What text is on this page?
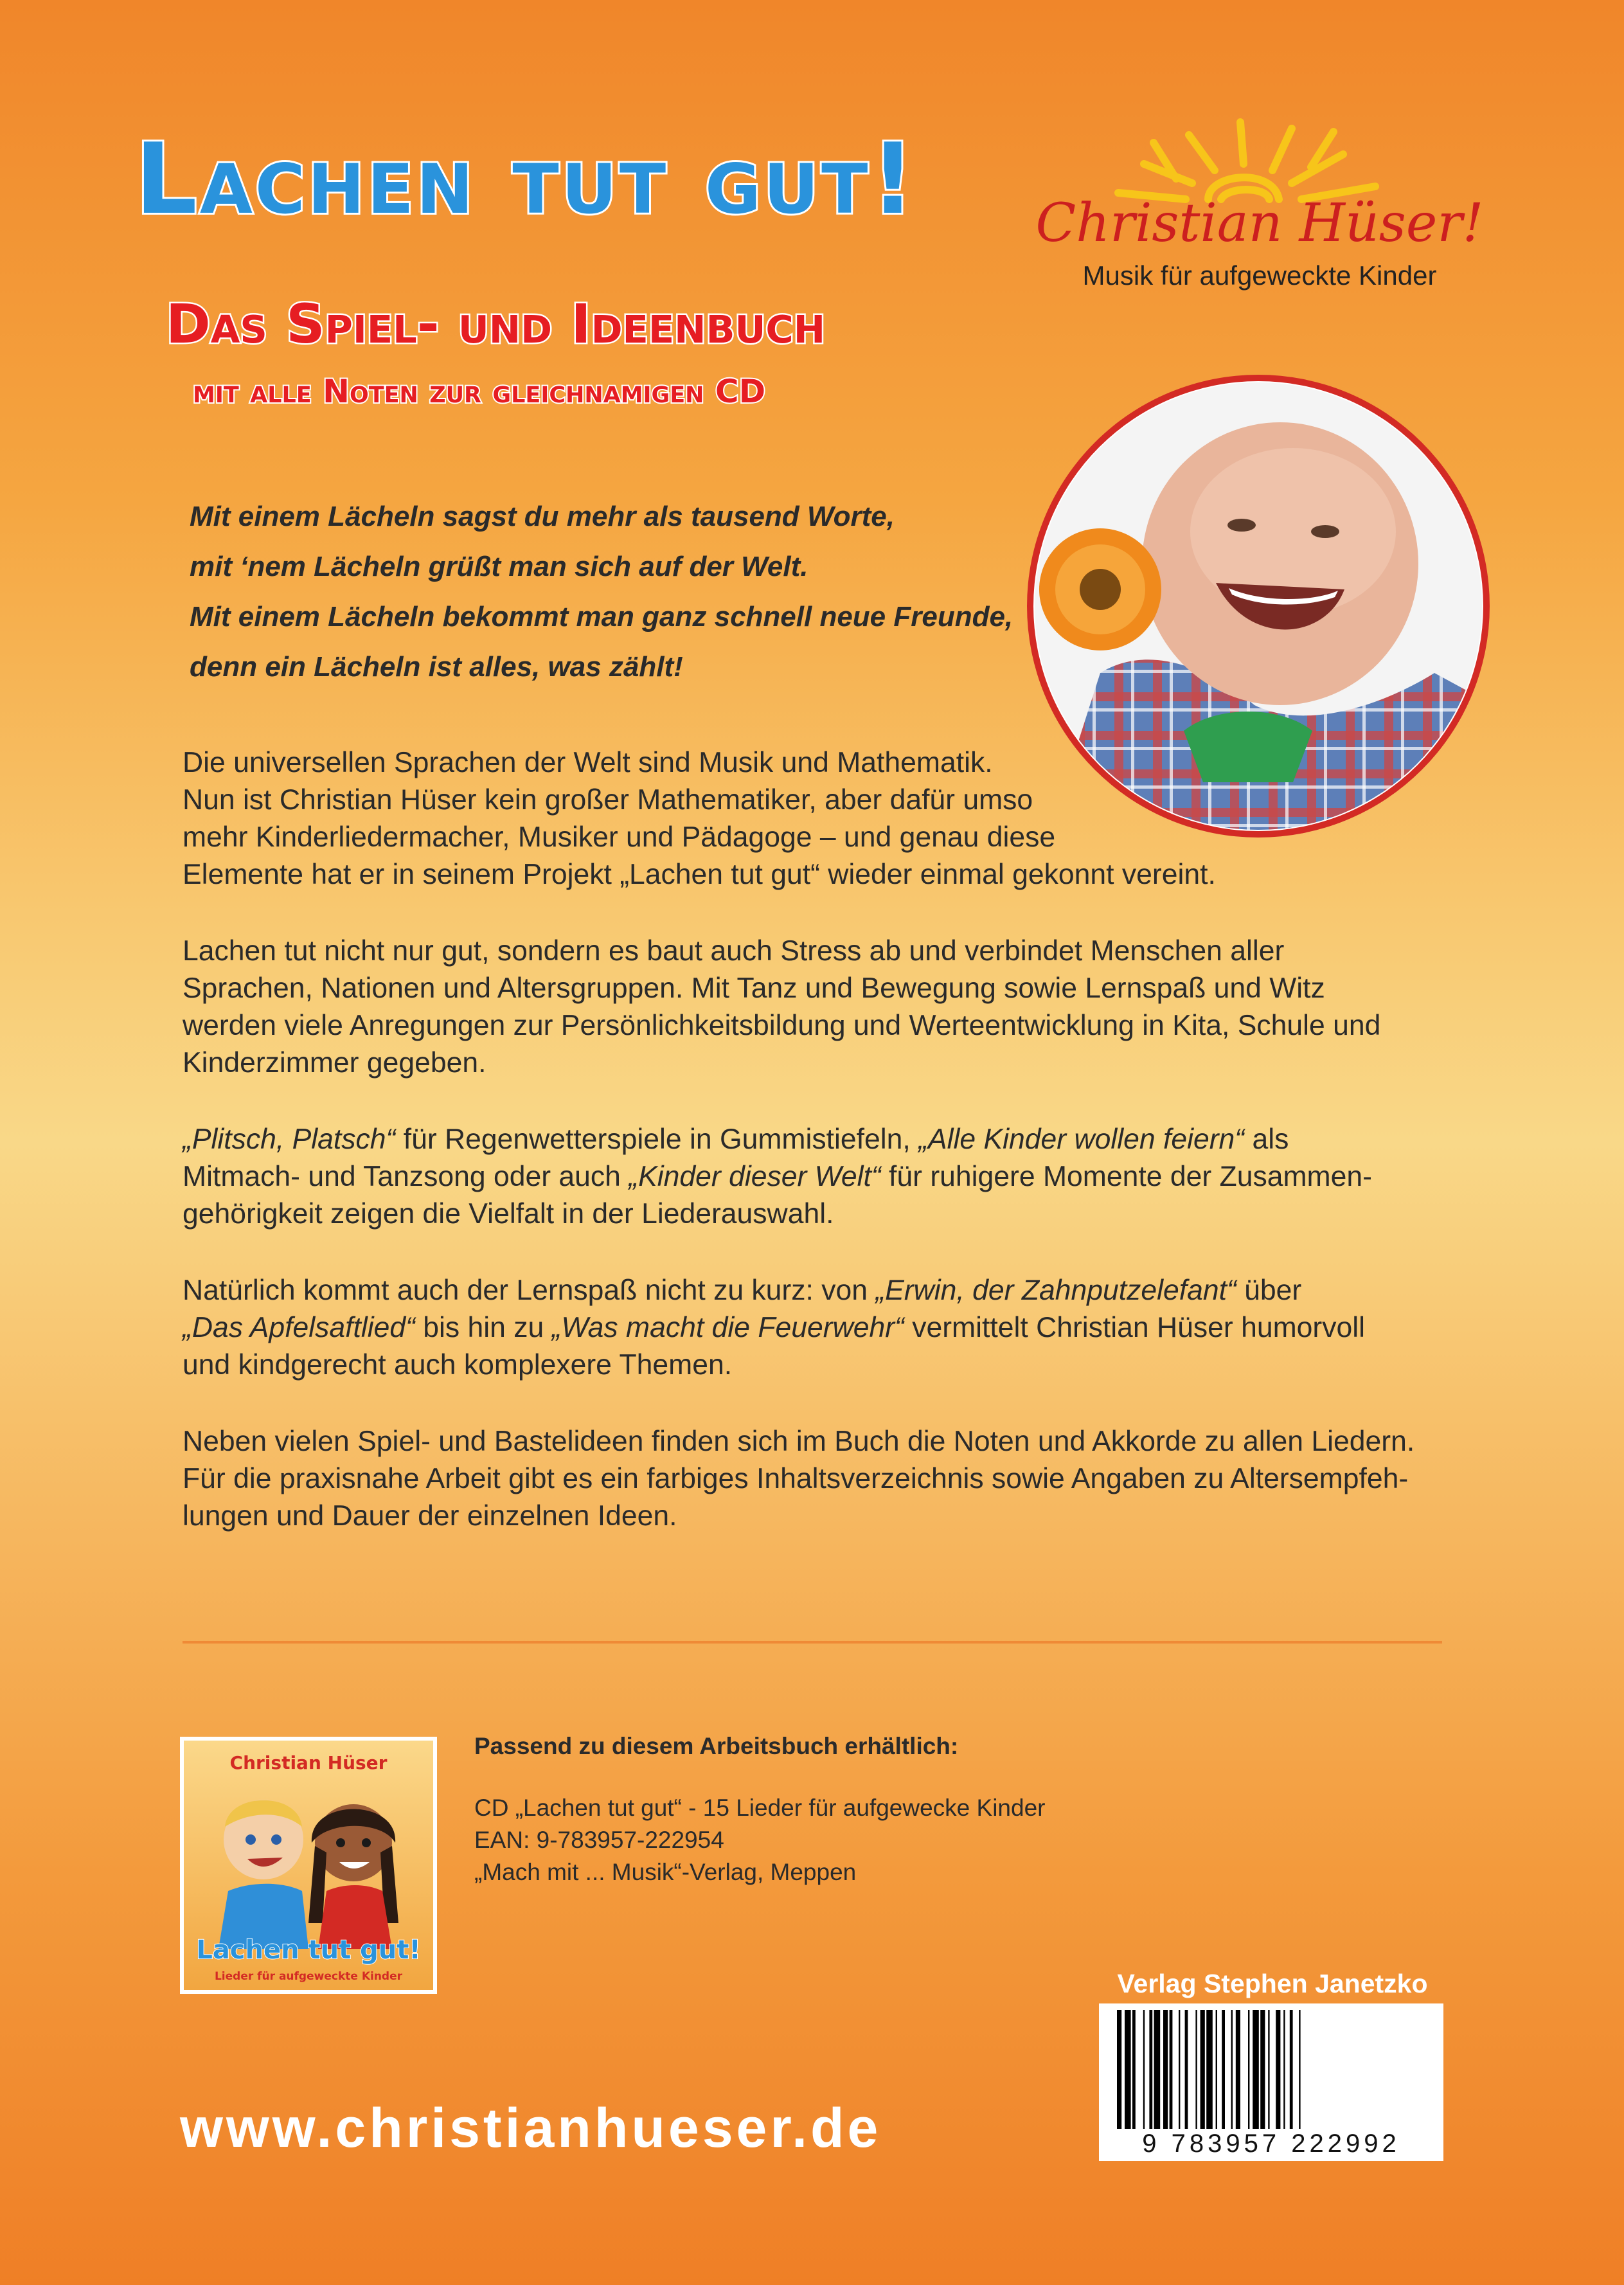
Lachen tut gut!
Das Spiel- und Ideenbuch
mit alle Noten zur gleichnamigen CD
Christian Hüser!
Musik für aufgeweckte Kinder
Mit einem Lächeln sagst du mehr als tausend Worte,
mit ‘nem Lächeln grüßt man sich auf der Welt.
Mit einem Lächeln bekommt man ganz schnell neue Freunde,
denn ein Lächeln ist alles, was zählt!

Die universellen Sprachen der Welt sind Musik und Mathematik.
Nun ist Christian Hüser kein großer Mathematiker, aber dafür umso
mehr Kinderliedermacher, Musiker und Pädagoge – und genau diese
Elemente hat er in seinem Projekt „Lachen tut gut“ wieder einmal gekonnt vereint.

Lachen tut nicht nur gut, sondern es baut auch Stress ab und verbindet Menschen aller
Sprachen, Nationen und Altersgruppen. Mit Tanz und Bewegung sowie Lernspaß und Witz
werden viele Anregungen zur Persönlichkeitsbildung und Werteentwicklung in Kita, Schule und
Kinderzimmer gegeben.

„Plitsch, Platsch“ für Regenwetterspiele in Gummistiefeln, „Alle Kinder wollen feiern“ als
Mitmach- und Tanzsong oder auch „Kinder dieser Welt“ für ruhigere Momente der Zusammen-
gehörigkeit zeigen die Vielfalt in der Liederauswahl.

Natürlich kommt auch der Lernspaß nicht zu kurz: von „Erwin, der Zahnputzelefant“ über
„Das Apfelsaftlied“ bis hin zu „Was macht die Feuerwehr“ vermittelt Christian Hüser humorvoll
und kindgerecht auch komplexere Themen.

Neben vielen Spiel- und Bastelideen finden sich im Buch die Noten und Akkorde zu allen Liedern.
Für die praxisnahe Arbeit gibt es ein farbiges Inhaltsverzeichnis sowie Angaben zu Altersempfeh-
lungen und Dauer der einzelnen Ideen.

Christian Hüser
Lachen tut gut!
Lieder für aufgeweckte Kinder
Passend zu diesem Arbeitsbuch erhältlich:
CD „Lachen tut gut“ - 15 Lieder für aufgewecke Kinder
EAN: 9-783957-222954
„Mach mit ... Musik“-Verlag, Meppen
Verlag Stephen Janetzko
9 783957 222992
www.christianhueser.de
